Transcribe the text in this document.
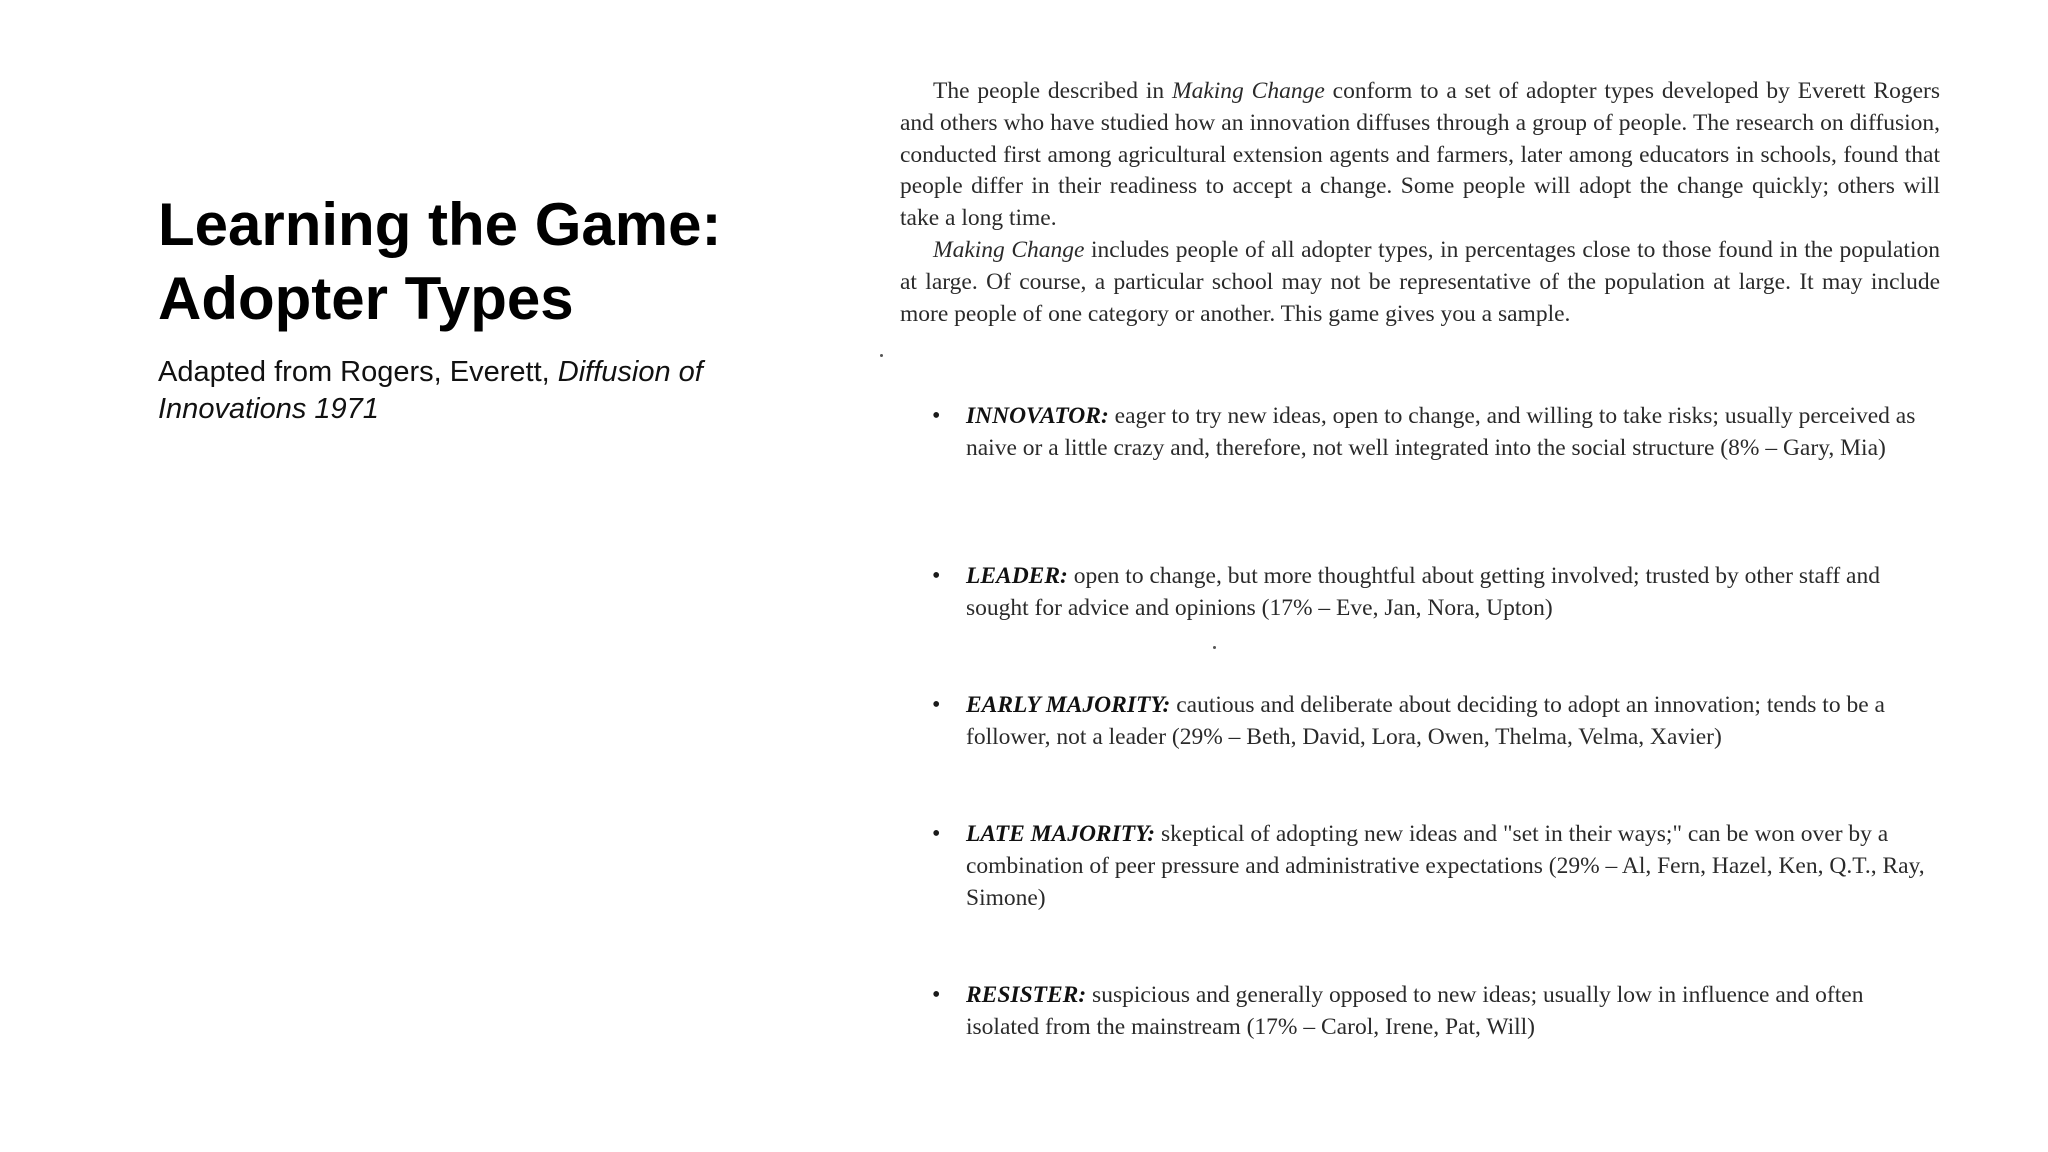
Learning the Game:
Adopter Types
Adapted from Rogers, Everett, Diffusion of Innovations 1971

The people described in Making Change conform to a set of adopter types developed by Everett Rogers and others who have studied how an innovation diffuses through a group of people. The research on diffusion, conducted first among agricultural extension agents and farmers, later among educators in schools, found that people differ in their readiness to accept a change. Some people will adopt the change quickly; others will take a long time.

Making Change includes people of all adopter types, in percentages close to those found in the population at large. Of course, a particular school may not be representative of the population at large. It may include more people of one category or another. This game gives you a sample.

• INNOVATOR: eager to try new ideas, open to change, and willing to take risks; usually perceived as naive or a little crazy and, therefore, not well integrated into the social structure (8% – Gary, Mia)
• LEADER: open to change, but more thoughtful about getting involved; trusted by other staff and sought for advice and opinions (17% – Eve, Jan, Nora, Upton)
• EARLY MAJORITY: cautious and deliberate about deciding to adopt an innovation; tends to be a follower, not a leader (29% – Beth, David, Lora, Owen, Thelma, Velma, Xavier)
• LATE MAJORITY: skeptical of adopting new ideas and "set in their ways;" can be won over by a combination of peer pressure and administrative expectations (29% – Al, Fern, Hazel, Ken, Q.T., Ray, Simone)
• RESISTER: suspicious and generally opposed to new ideas; usually low in influence and often isolated from the mainstream (17% – Carol, Irene, Pat, Will)
